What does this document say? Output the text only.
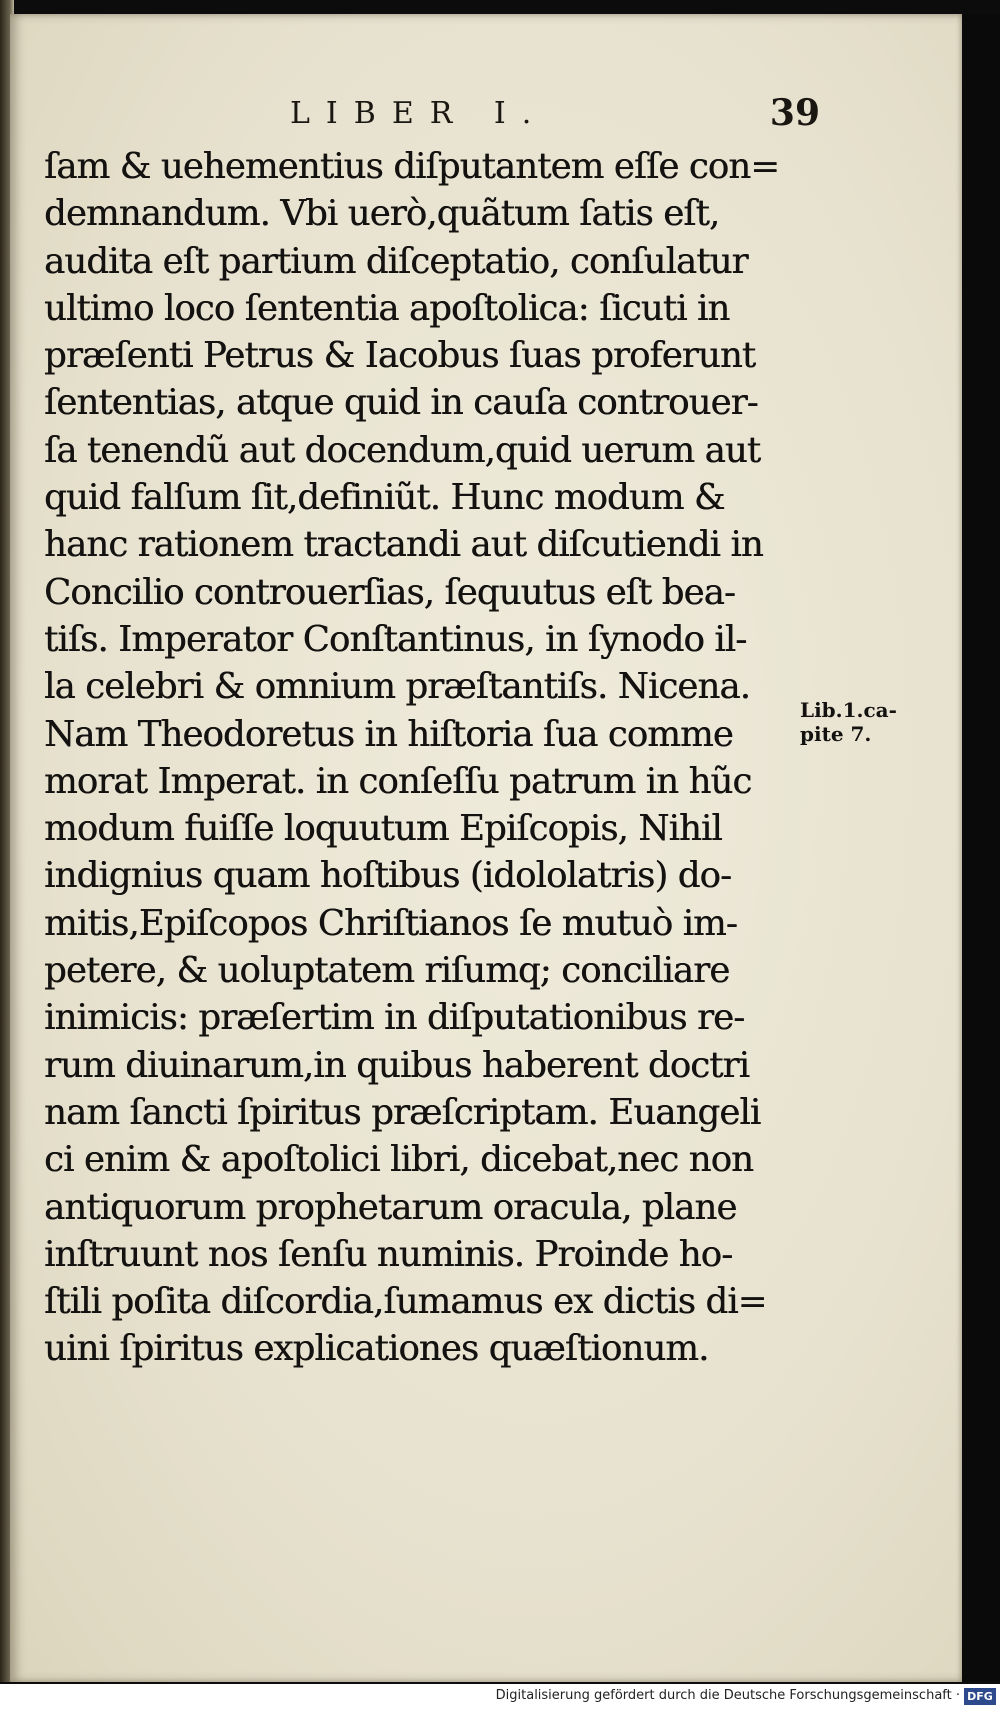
LIBER I.	39
ſam & uehementius diſputantem eſſe con=
demnandum. Vbi uerò,quãtum ſatis eſt,
audita eſt partium diſceptatio, conſulatur
ultimo loco ſententia apoſtolica: ſicuti in
præſenti Petrus & Iacobus ſuas proferunt
ſententias, atque quid in cauſa controuer-
ſa tenendũ aut docendum,quid uerum aut
quid falſum ſit,definiũt. Hunc modum &
hanc rationem tractandi aut diſcutiendi in
Concilio controuerſias, ſequutus eſt bea-
tiſs. Imperator Conſtantinus, in ſynodo il-
la celebri & omnium præſtantiſs. Nicena.
Nam Theodoretus in hiſtoria ſua comme
morat Imperat. in conſeſſu patrum in hũc
modum fuiſſe loquutum Epiſcopis, Nihil
indignius quam hoſtibus (idololatris) do-
mitis,Epiſcopos Chriſtianos ſe mutuò im-
petere, & uoluptatem riſumq; conciliare
inimicis: præſertim in diſputationibus re-
rum diuinarum,in quibus haberent doctri
nam ſancti ſpiritus præſcriptam. Euangeli
ci enim & apoſtolici libri, dicebat,nec non
antiquorum prophetarum oracula, plane
inſtruunt nos ſenſu numinis. Proinde ho-
ſtili poſita diſcordia,ſumamus ex dictis di=
uini ſpiritus explicationes quæſtionum.
Lib.1.ca-
pite 7.
Digitalisierung gefördert durch die Deutsche Forschungsgemeinschaft · DFG
